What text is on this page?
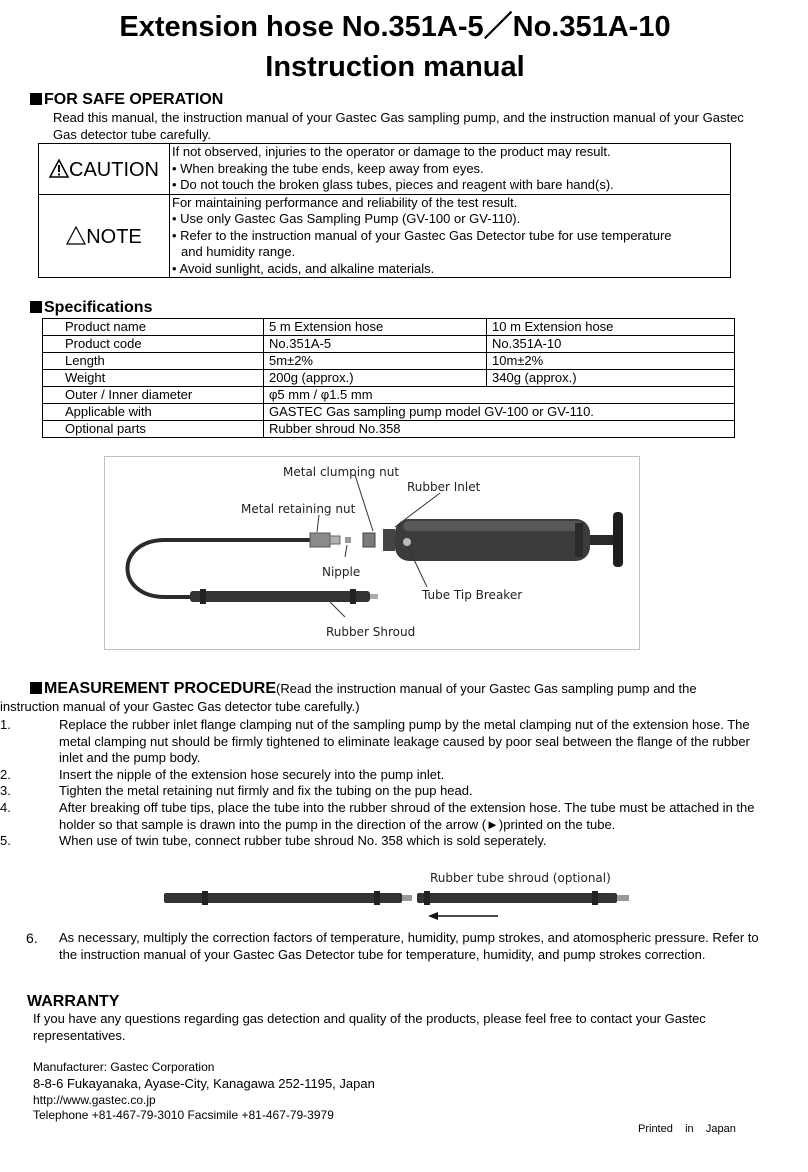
Extension hose No.351A-5／No.351A-10
Instruction manual
FOR SAFE OPERATION
Read this manual, the instruction manual of your Gastec Gas sampling pump, and the instruction manual of your Gastec Gas detector tube carefully.
CAUTION	If not observed, injuries to the operator or damage to the product may result.
• When breaking the tube ends, keep away from eyes.
• Do not touch the broken glass tubes, pieces and reagent with bare hand(s).

NOTE	For maintaining performance and reliability of the test result.
• Use only Gastec Gas Sampling Pump (GV-100 or GV-110).
• Refer to the instruction manual of your Gastec Gas Detector tube for use temperature
and humidity range.
• Avoid sunlight, acids, and alkaline materials.
Specifications
Product name	5 m Extension hose	10 m Extension hose
Product code	No.351A-5	No.351A-10
Length	5m±2%	10m±2%
Weight	200g (approx.)	340g (approx.)
Outer / Inner diameter	φ5 mm / φ1.5 mm	
Applicable with	GASTEC Gas sampling pump model GV-100 or GV-110.	
Optional parts	Rubber shroud No.358	
Metal clumping nut
Rubber Inlet
Metal retaining nut
Nipple
Tube Tip Breaker
Rubber Shroud
MEASUREMENT PROCEDURE(Read the instruction manual of your Gastec Gas sampling pump and the
instruction manual of your Gastec Gas detector tube carefully.)
1.	Replace the rubber inlet flange clamping nut of the sampling pump by the metal clamping nut of the extension hose. The metal clamping nut should be firmly tightened to eliminate leakage caused by poor seal between the flange of the rubber inlet and the pump body.
2.	Insert the nipple of the extension hose securely into the pump inlet.
3.	Tighten the metal retaining nut firmly and fix the tubing on the pup head.
4.	After breaking off tube tips, place the tube into the rubber shroud of the extension hose. The tube must be attached in the holder so that sample is drawn into the pump in the direction of the arrow (►)printed on the tube.
5.	When use of twin tube, connect rubber tube shroud No. 358 which is sold seperately.
Rubber tube shroud (optional)
6. As necessary, multiply the correction factors of temperature, humidity, pump strokes, and atomospheric pressure. Refer to the instruction manual of your Gastec Gas Detector tube for temperature, humidity, and pump strokes correction.
WARRANTY
If you have any questions regarding gas detection and quality of the products, please feel free to contact your Gastec representatives.
Manufacturer: Gastec Corporation
8-8-6 Fukayanaka, Ayase-City, Kanagawa 252-1195, Japan
http://www.gastec.co.jp
Telephone +81-467-79-3010 Facsimile +81-467-79-3979
Printed    in    Japan
